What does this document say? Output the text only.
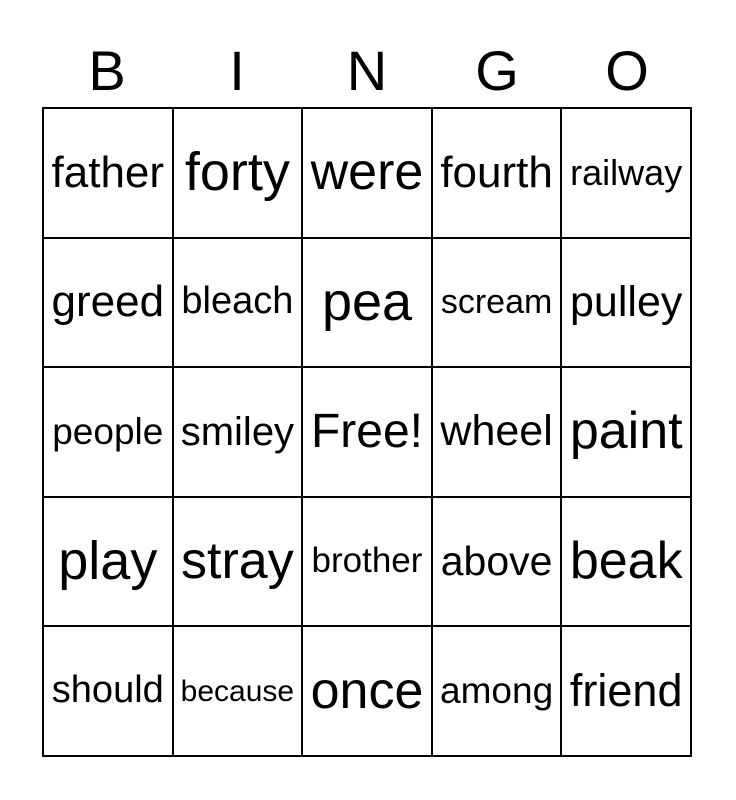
B	I	N	G	O
father forty were fourth railway
greed bleach pea scream pulley
people smiley Free! wheel paint
play stray brother above beak
should because once among friend
